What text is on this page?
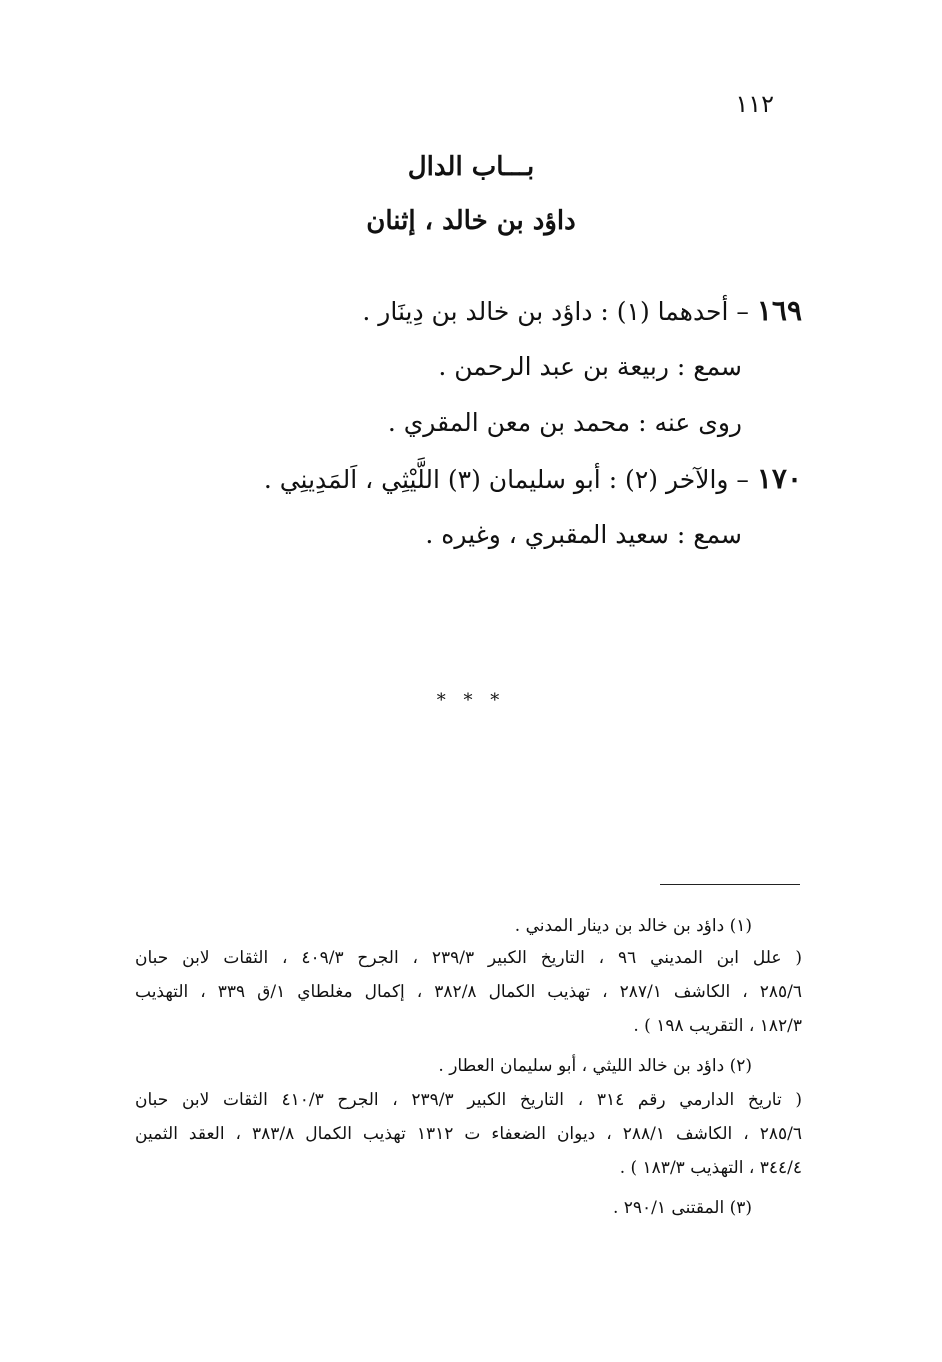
١١٢
بـــاب الدال
داؤد بن خالد ، إثنان
١٦٩ – أحدهما (١) : داؤد بن خالد بن دِينَار .
سمع : ربيعة بن عبد الرحمن .
روى عنه : محمد بن معن المقري .
١٧٠ – والآخر (٢) : أبو سليمان (٣) اللَّيْثِي ، اَلمَدِينِي .
سمع : سعيد المقبري ، وغيره .
* * *
(١) داؤد بن خالد بن دينار المدني .
( علل ابن المديني ٩٦ ، التاريخ الكبير ٢٣٩/٣ ، الجرح ٤٠٩/٣ ، الثقات لابن حبان
٢٨٥/٦ ، الكاشف ٢٨٧/١ ، تهذيب الكمال ٣٨٢/٨ ، إكمال مغلطاي ١/ق ٣٣٩ ، التهذيب
١٨٢/٣ ، التقريب ١٩٨ ) .
(٢) داؤد بن خالد الليثي ، أبو سليمان العطار .
( تاريخ الدارمي رقم ٣١٤ ، التاريخ الكبير ٢٣٩/٣ ، الجرح ٤١٠/٣ الثقات لابن حبان
٢٨٥/٦ ، الكاشف ٢٨٨/١ ، ديوان الضعفاء ت ١٣١٢ تهذيب الكمال ٣٨٣/٨ ، العقد الثمين
٣٤٤/٤ ، التهذيب ١٨٣/٣ ) .
(٣) المقتنى ٢٩٠/١ .
